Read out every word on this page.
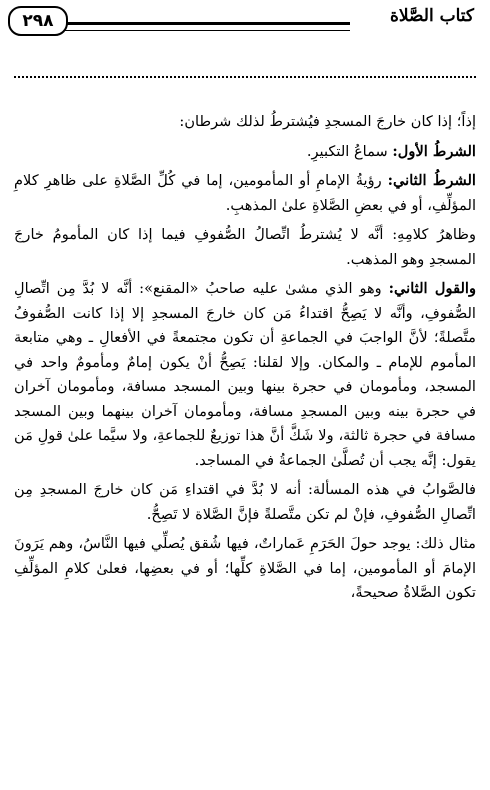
كتاب الصَّلاة
٢٩٨

إذاً؛ إذا كان خارجَ المسجدِ فيُشترطُ لذلك شرطان:

الشرطُ الأول: سماعُ التكبيرِ.

الشرطُ الثاني: رؤيةُ الإمامِ أو المأمومين، إما في كُلِّ الصَّلاةِ على ظاهرِ كلامِ المؤلِّفِ، أو في بعضِ الصَّلاةِ علىٰ المذهبِ.

وظاهرُ كلامِهِ: أنَّه لا يُشترطُ اتِّصالُ الصُّفوفِ فيما إذا كان المأمومُ خارجَ المسجدِ وهو المذهب.

والقول الثاني: وهو الذي مشىٰ عليه صاحبُ «المقنع»: أنَّه لا بُدَّ مِن اتِّصالِ الصُّفوفِ، وأنَّه لا يَصِحُّ اقتداءُ مَن كان خارجَ المسجدِ إلا إذا كانت الصُّفوفُ متَّصلةً؛ لأنَّ الواجبَ في الجماعةِ أن تكون مجتمعةً في الأفعالِ ـ وهي متابعة المأموم للإمام ـ والمكان. وإلا لقلنا: يَصِحُّ أنْ يكون إمامٌ ومأمومٌ واحد في المسجد، ومأمومان في حجرة بينها وبين المسجد مسافة، ومأمومان آخران في حجرة بينه وبين المسجدِ مسافة، ومأمومان آخران بينهما وبين المسجد مسافة في حجرة ثالثة، ولا شَكَّ أنَّ هذا توزيعٌ للجماعةِ، ولا سيَّما علىٰ قولِ مَن يقول: إنَّه يجب أن تُصلَّىٰ الجماعةُ في المساجد.

فالصَّوابُ في هذه المسألة: أنه لا بُدَّ في اقتداءِ مَن كان خارجَ المسجدِ مِن اتِّصالِ الصُّفوفِ، فإنْ لم تكن متَّصلةً فإنَّ الصَّلاة لا تَصِحُّ.

مثال ذلك: يوجد حولَ الحَرَمِ عَماراتٌ، فيها شُقق يُصلِّي فيها النَّاسُ، وهم يَرَونَ الإمامَ أو المأمومين، إما في الصَّلاةِ كلِّها؛ أو في بعضِها، فعلىٰ كلامِ المؤلِّفِ تكون الصَّلاةُ صحيحةً،
